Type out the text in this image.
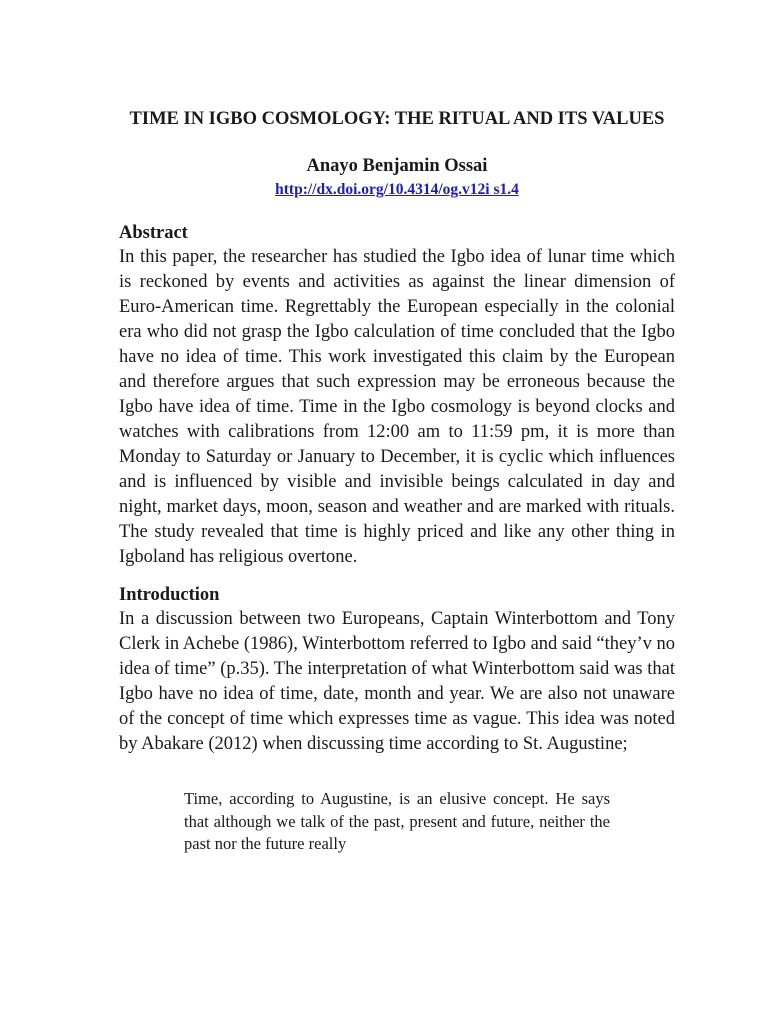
TIME IN IGBO COSMOLOGY: THE RITUAL AND ITS VALUES

Anayo Benjamin Ossai

http://dx.doi.org/10.4314/og.v12i s1.4
Abstract

In this paper, the researcher has studied the Igbo idea of lunar time which is reckoned by events and activities as against the linear dimension of Euro-American time. Regrettably the European especially in the colonial era who did not grasp the Igbo calculation of time concluded that the Igbo have no idea of time. This work investigated this claim by the European and therefore argues that such expression may be erroneous because the Igbo have idea of time. Time in the Igbo cosmology is beyond clocks and watches with calibrations from 12:00 am to 11:59 pm, it is more than Monday to Saturday or January to December, it is cyclic which influences and is influenced by visible and invisible beings calculated in day and night, market days, moon, season and weather and are marked with rituals. The study revealed that time is highly priced and like any other thing in Igboland has religious overtone.

Introduction

In a discussion between two Europeans, Captain Winterbottom and Tony Clerk in Achebe (1986), Winterbottom referred to Igbo and said “they’v no idea of time” (p.35). The interpretation of what Winterbottom said was that Igbo have no idea of time, date, month and year. We are also not unaware of the concept of time which expresses time as vague. This idea was noted by Abakare (2012) when discussing time according to St. Augustine;

Time, according to Augustine, is an elusive concept. He says that although we talk of the past, present and future, neither the past nor the future really
